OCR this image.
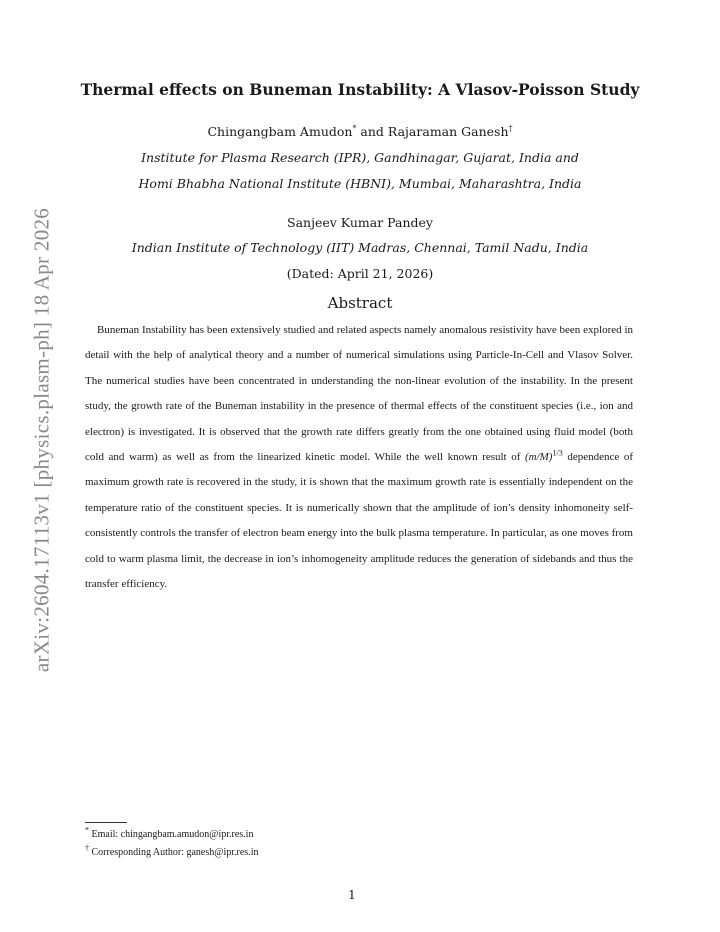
arXiv:2604.17113v1 [physics.plasm-ph] 18 Apr 2026
Thermal effects on Buneman Instability: A Vlasov-Poisson Study
Chingangbam Amudon* and Rajaraman Ganesh†
Institute for Plasma Research (IPR), Gandhinagar, Gujarat, India and
Homi Bhabha National Institute (HBNI), Mumbai, Maharashtra, India
Sanjeev Kumar Pandey
Indian Institute of Technology (IIT) Madras, Chennai, Tamil Nadu, India
(Dated: April 21, 2026)
Abstract
Buneman Instability has been extensively studied and related aspects namely anomalous resistivity have been explored in detail with the help of analytical theory and a number of numerical simulations using Particle-In-Cell and Vlasov Solver. The numerical studies have been concentrated in understanding the non-linear evolution of the instability. In the present study, the growth rate of the Buneman instability in the presence of thermal effects of the constituent species (i.e., ion and electron) is investigated. It is observed that the growth rate differs greatly from the one obtained using fluid model (both cold and warm) as well as from the linearized kinetic model. While the well known result of $(m/M)^{1/3}$ dependence of maximum growth rate is recovered in the study, it is shown that the maximum growth rate is essentially independent on the temperature ratio of the constituent species. It is numerically shown that the amplitude of ion’s density inhomoneity self-consistently controls the transfer of electron beam energy into the bulk plasma temperature. In particular, as one moves from cold to warm plasma limit, the decrease in ion’s inhomogeneity amplitude reduces the generation of sidebands and thus the transfer efficiency.
* Email: chingangbam.amudon@ipr.res.in
† Corresponding Author: ganesh@ipr.res.in
1
